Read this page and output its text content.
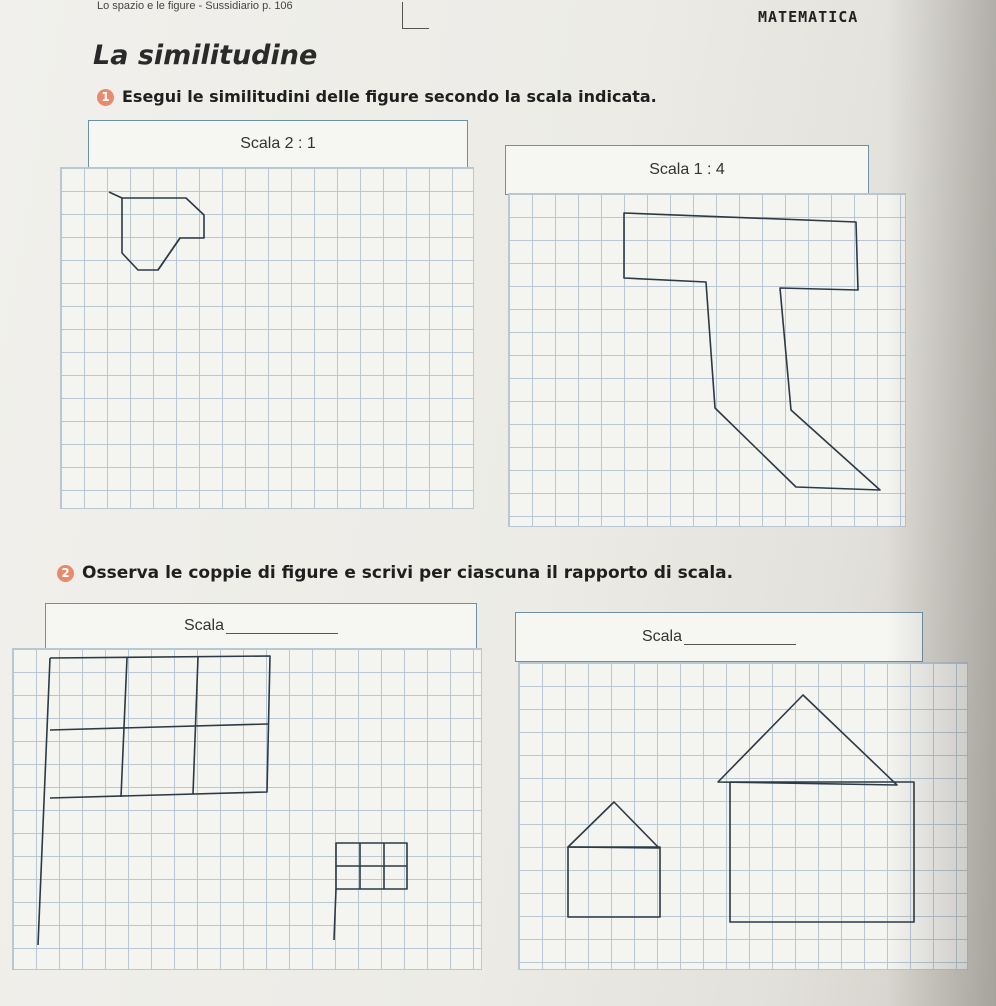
Lo spazio e le figure - Sussidiario p. 106
MATEMATICA
La similitudine
1 Esegui le similitudini delle figure secondo la scala indicata.
Scala 2 : 1
Scala 1 : 4
2 Osserva le coppie di figure e scrivi per ciascuna il rapporto di scala.
Scala
Scala
